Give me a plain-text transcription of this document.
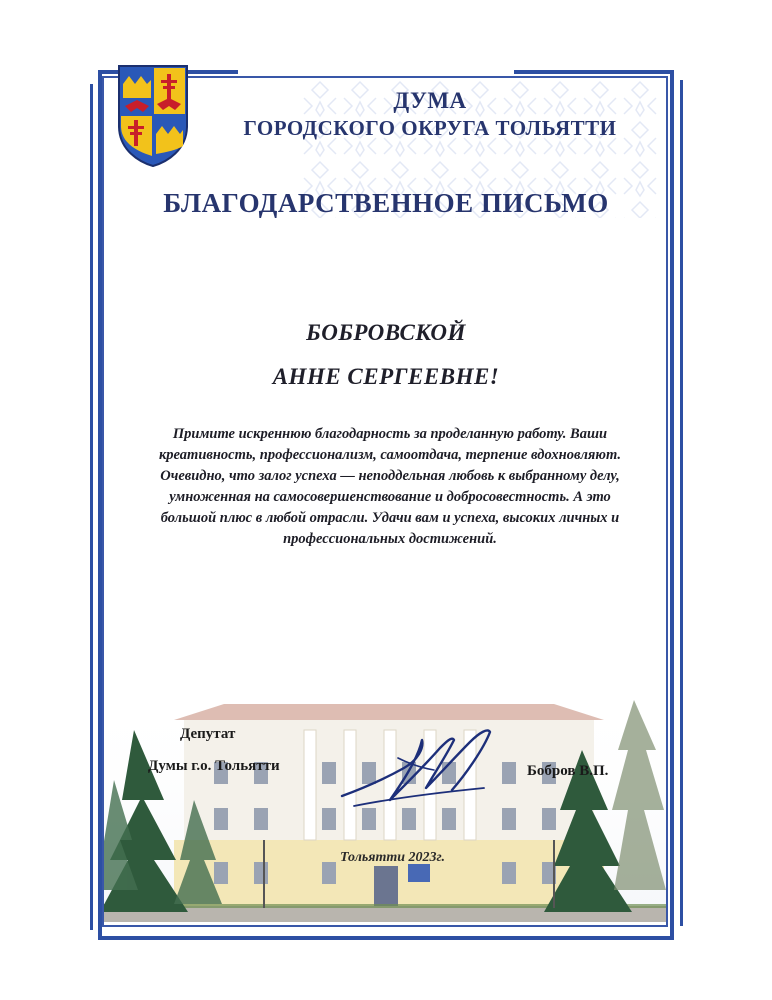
ДУМА
ГОРОДСКОГО ОКРУГА ТОЛЬЯТТИ
БЛАГОДАРСТВЕННОЕ ПИСЬМО
БОБРОВСКОЙ
АННЕ СЕРГЕЕВНЕ!
Примите искреннюю благодарность за проделанную работу. Ваши креативность, профессионализм, самоотдача, терпение вдохновляют. Очевидно, что залог успеха — неподдельная любовь к выбранному делу, умноженная на самосовершенствование и добросовестность. А это большой плюс в любой отрасли. Удачи вам и успеха, высоких личных и профессиональных достижений.
Депутат
Думы г.о. Тольятти	Бобров В.П.
Тольятти 2023г.
